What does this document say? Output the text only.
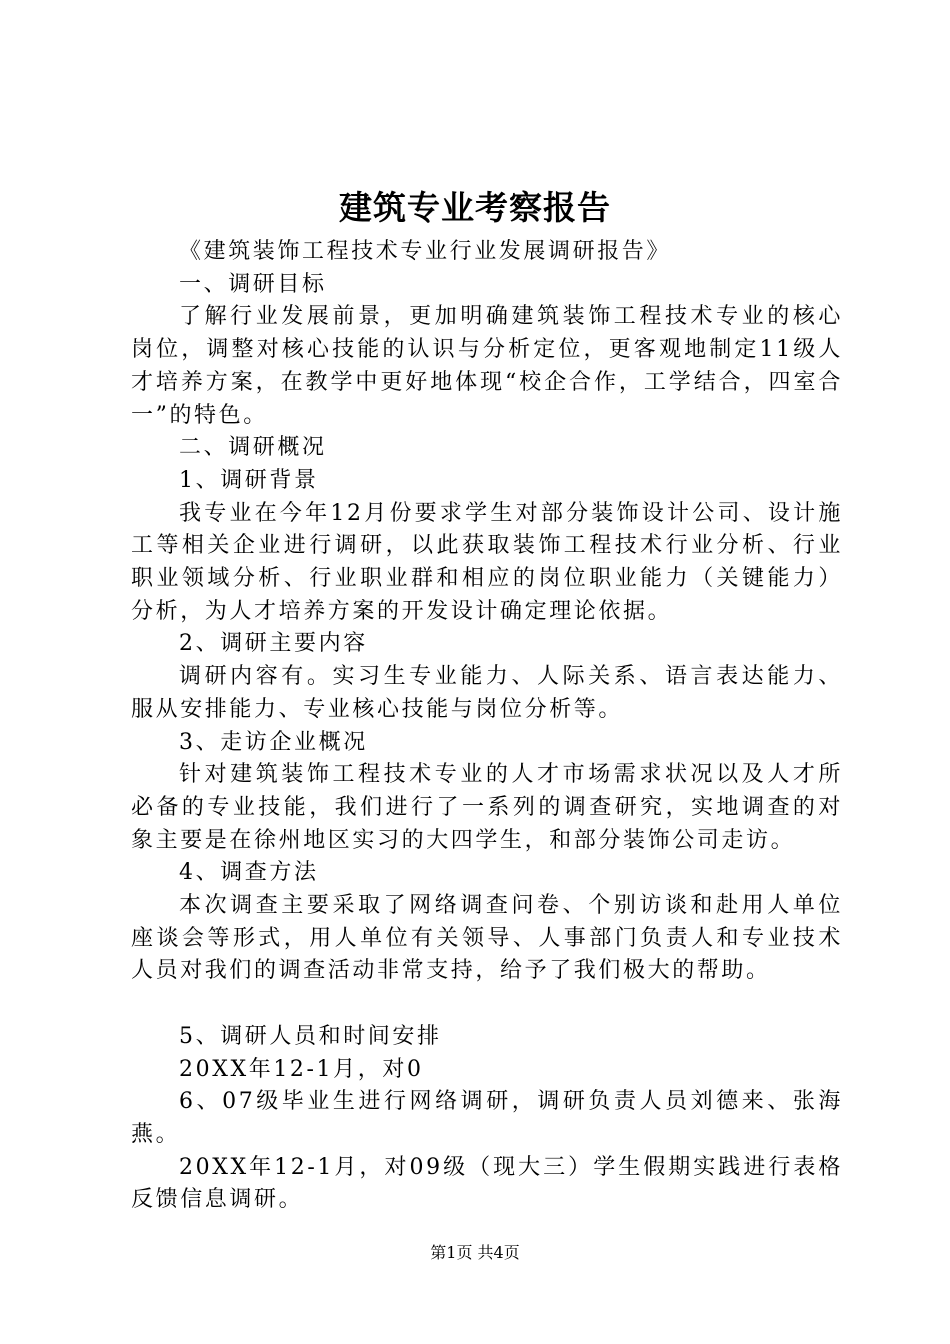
建筑专业考察报告

《建筑装饰工程技术专业行业发展调研报告》

一、调研目标

了解行业发展前景，更加明确建筑装饰工程技术专业的核心岗位，调整对核心技能的认识与分析定位，更客观地制定11级人才培养方案，在教学中更好地体现“校企合作，工学结合，四室合一”的特色。

二、调研概况

1、调研背景

我专业在今年12月份要求学生对部分装饰设计公司、设计施工等相关企业进行调研，以此获取装饰工程技术行业分析、行业职业领域分析、行业职业群和相应的岗位职业能力（关键能力）分析，为人才培养方案的开发设计确定理论依据。

2、调研主要内容

调研内容有。实习生专业能力、人际关系、语言表达能力、服从安排能力、专业核心技能与岗位分析等。

3、走访企业概况

针对建筑装饰工程技术专业的人才市场需求状况以及人才所必备的专业技能，我们进行了一系列的调查研究，实地调查的对象主要是在徐州地区实习的大四学生，和部分装饰公司走访。

4、调查方法

本次调查主要采取了网络调查问卷、个别访谈和赴用人单位座谈会等形式，用人单位有关领导、人事部门负责人和专业技术人员对我们的调查活动非常支持，给予了我们极大的帮助。

5、调研人员和时间安排

20XX年12-1月，对0

6、07级毕业生进行网络调研，调研负责人员刘德来、张海燕。

20XX年12-1月，对09级（现大三）学生假期实践进行表格反馈信息调研。

第1页 共4页
